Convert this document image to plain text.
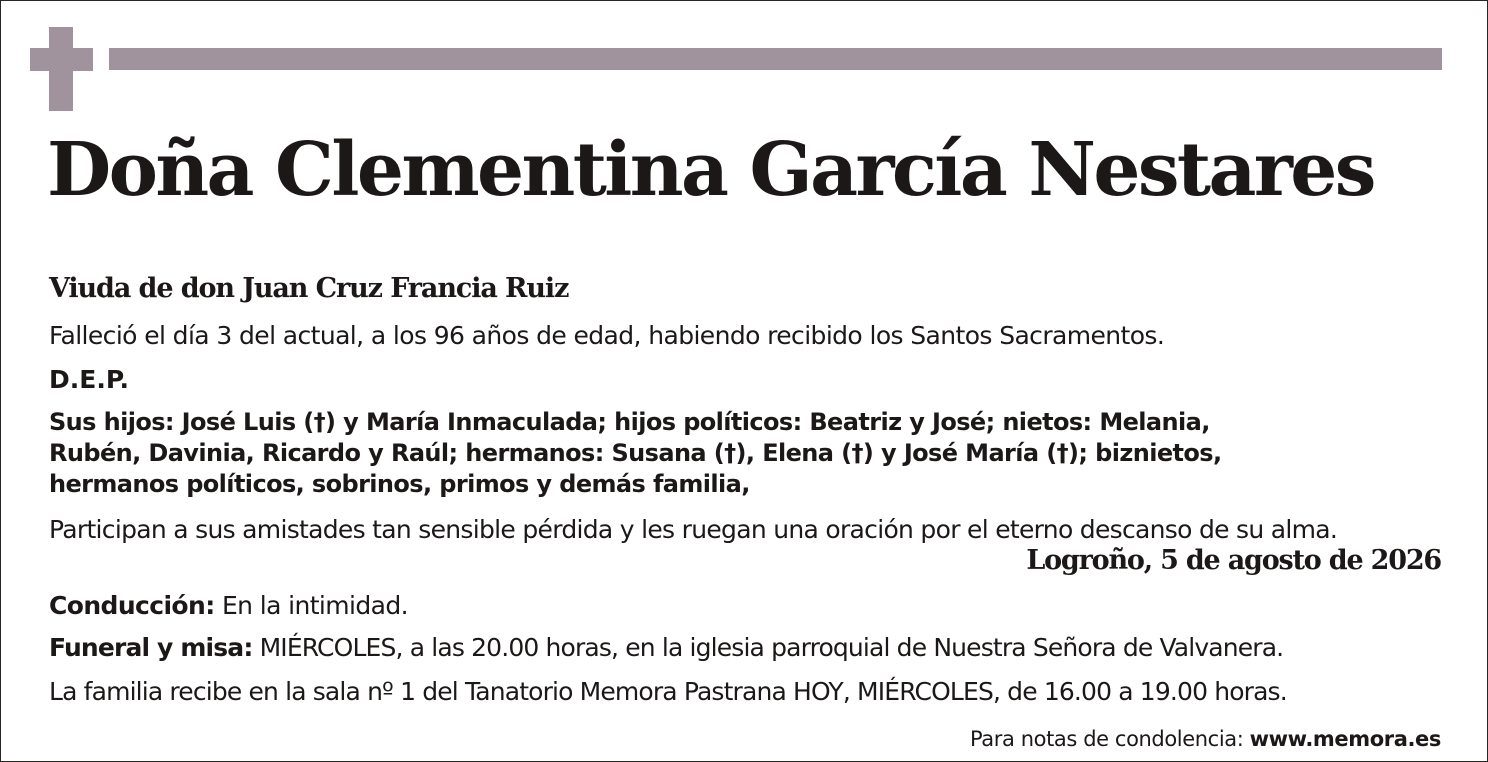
Doña Clementina García Nestares
Viuda de don Juan Cruz Francia Ruiz
Falleció el día 3 del actual, a los 96 años de edad, habiendo recibido los Santos Sacramentos.
D.E.P.
Sus hijos: José Luis (†) y María Inmaculada; hijos políticos: Beatriz y José; nietos: Melania,
Rubén, Davinia, Ricardo y Raúl; hermanos: Susana (†), Elena (†) y José María (†); biznietos,
hermanos políticos, sobrinos, primos y demás familia,
Participan a sus amistades tan sensible pérdida y les ruegan una oración por el eterno descanso de su alma.
Logroño, 5 de agosto de 2026
Conducción: En la intimidad.
Funeral y misa: MIÉRCOLES, a las 20.00 horas, en la iglesia parroquial de Nuestra Señora de Valvanera.
La familia recibe en la sala nº 1 del Tanatorio Memora Pastrana HOY, MIÉRCOLES, de 16.00 a 19.00 horas.
Para notas de condolencia: www.memora.es
